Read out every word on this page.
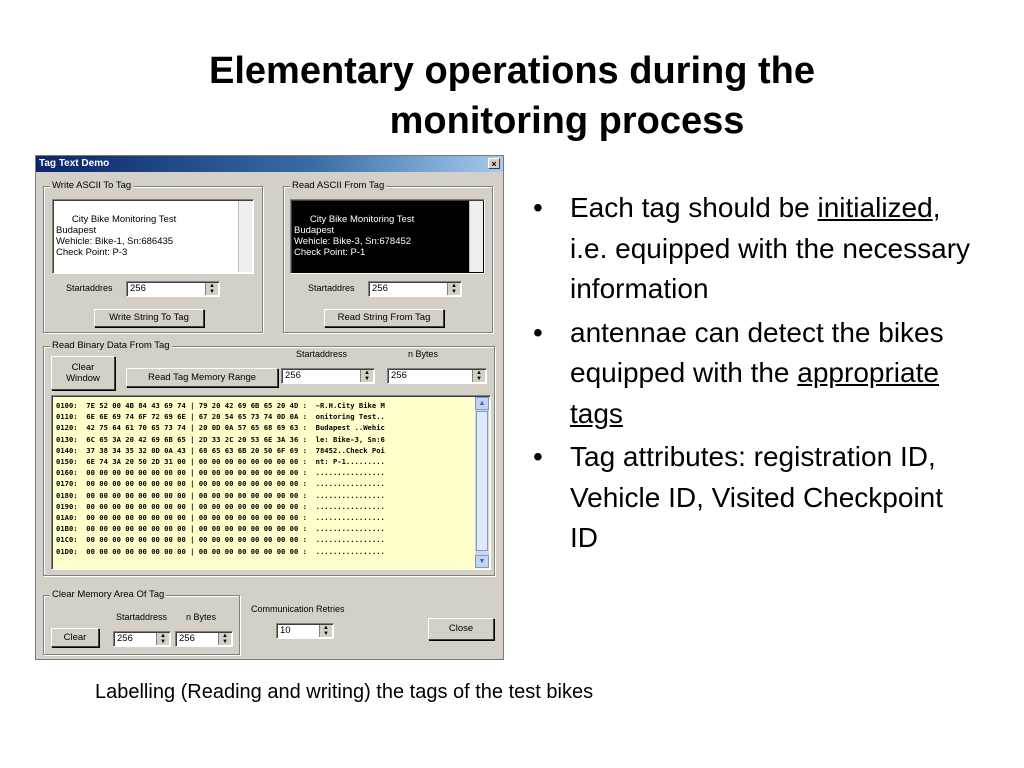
Elementary operations during the
monitoring process
Tag Text Demo	×
Write ASCII To Tag

City Bike Monitoring Test
Budapest
Wehicle: Bike-1, Sn:686435
Check Point: P-3

Startaddres	256	▲
▼
Write String To Tag
Read ASCII From Tag

City Bike Monitoring Test
Budapest
Wehicle: Bike-3, Sn:678452
Check Point: P-1

Startaddres	256	▲
▼
Read String From Tag
Read Binary Data From Tag
Clear
Window	Read Tag Memory Range
Startaddress
256	▲
▼
n Bytes
256	▲
▼
0100:  7E 52 00 4B 84 43 69 74 | 79 20 42 69 6B 65 20 4D :  ~R.H.City Bike M
0110:  6E 6E 69 74 6F 72 69 6E | 67 20 54 65 73 74 0D 0A :  onitoring Test..
0120:  42 75 64 61 70 65 73 74 | 20 0D 0A 57 65 68 69 63 :  Budapest ..Wehic
0130:  6C 65 3A 20 42 69 6B 65 | 2D 33 2C 20 53 6E 3A 36 :  le: Bike-3, Sn:6
0140:  37 38 34 35 32 0D 0A 43 | 68 65 63 6B 20 50 6F 69 :  78452..Check Poi
0150:  6E 74 3A 20 50 2D 31 00 | 00 00 00 00 00 00 00 00 :  nt: P-1.........
0160:  00 00 00 00 00 00 00 00 | 00 00 00 00 00 00 00 00 :  ................
0170:  00 00 00 00 00 00 00 00 | 00 00 00 00 00 00 00 00 :  ................
0180:  00 00 00 00 00 00 00 00 | 00 00 00 00 00 00 00 00 :  ................
0190:  00 00 00 00 00 00 00 00 | 00 00 00 00 00 00 00 00 :  ................
01A0:  00 00 00 00 00 00 00 00 | 00 00 00 00 00 00 00 00 :  ................
01B0:  00 00 00 00 00 00 00 00 | 00 00 00 00 00 00 00 00 :  ................
01C0:  00 00 00 00 00 00 00 00 | 00 00 00 00 00 00 00 00 :  ................
01D0:  00 00 00 00 00 00 00 00 | 00 00 00 00 00 00 00 00 :  ................
▲
▼
Clear Memory Area Of Tag
Startaddress n Bytes
Clear	256	▲
▼	256	▲
▼
Communication Retries
10	▲
▼	Close
• Each tag should be initialized, i.e. equipped with the necessary information
• antennae can detect the bikes equipped with the appropriate tags
• Tag attributes: registration ID, Vehicle ID, Visited Checkpoint ID
Labelling (Reading and writing) the tags of the test bikes
